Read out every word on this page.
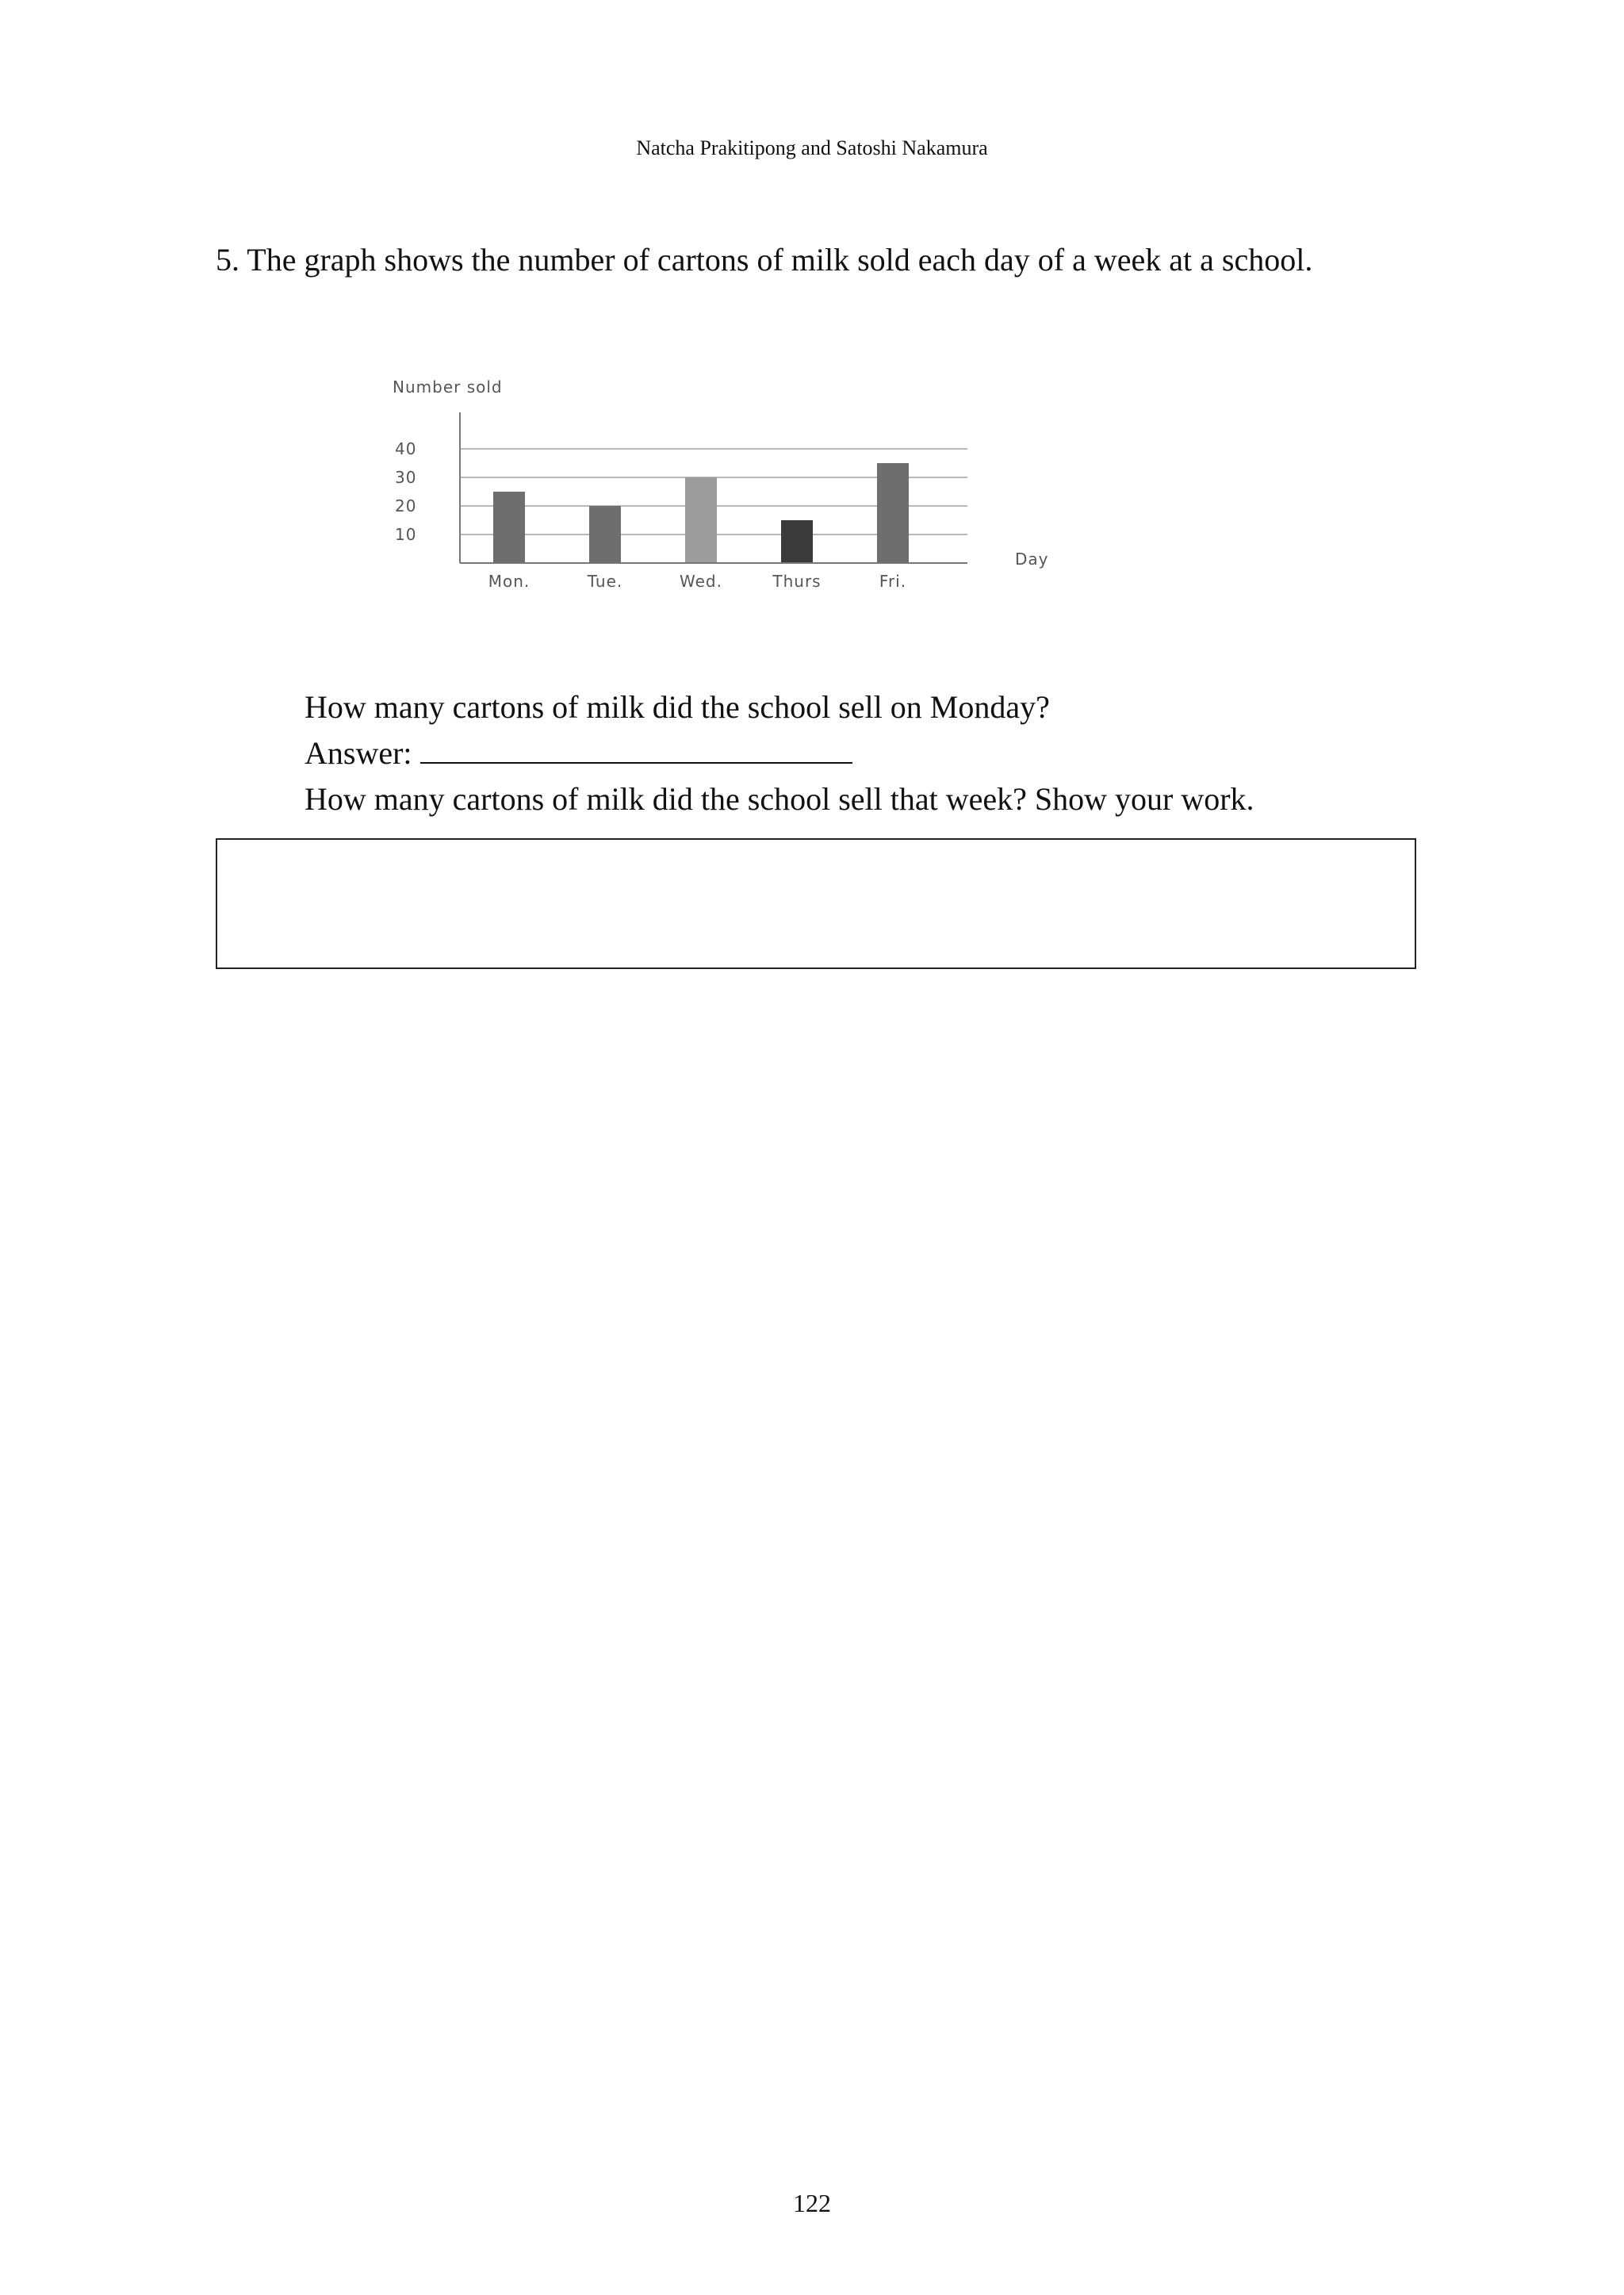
Natcha Prakitipong and Satoshi Nakamura
5. The graph shows the number of cartons of milk sold each day of a week at a school.
Number sold
Day
10
20
30
40
Mon.	Tue.	Wed.	Thurs	Fri.
How many cartons of milk did the school sell on Monday?
Answer:
How many cartons of milk did the school sell that week? Show your work.
122
